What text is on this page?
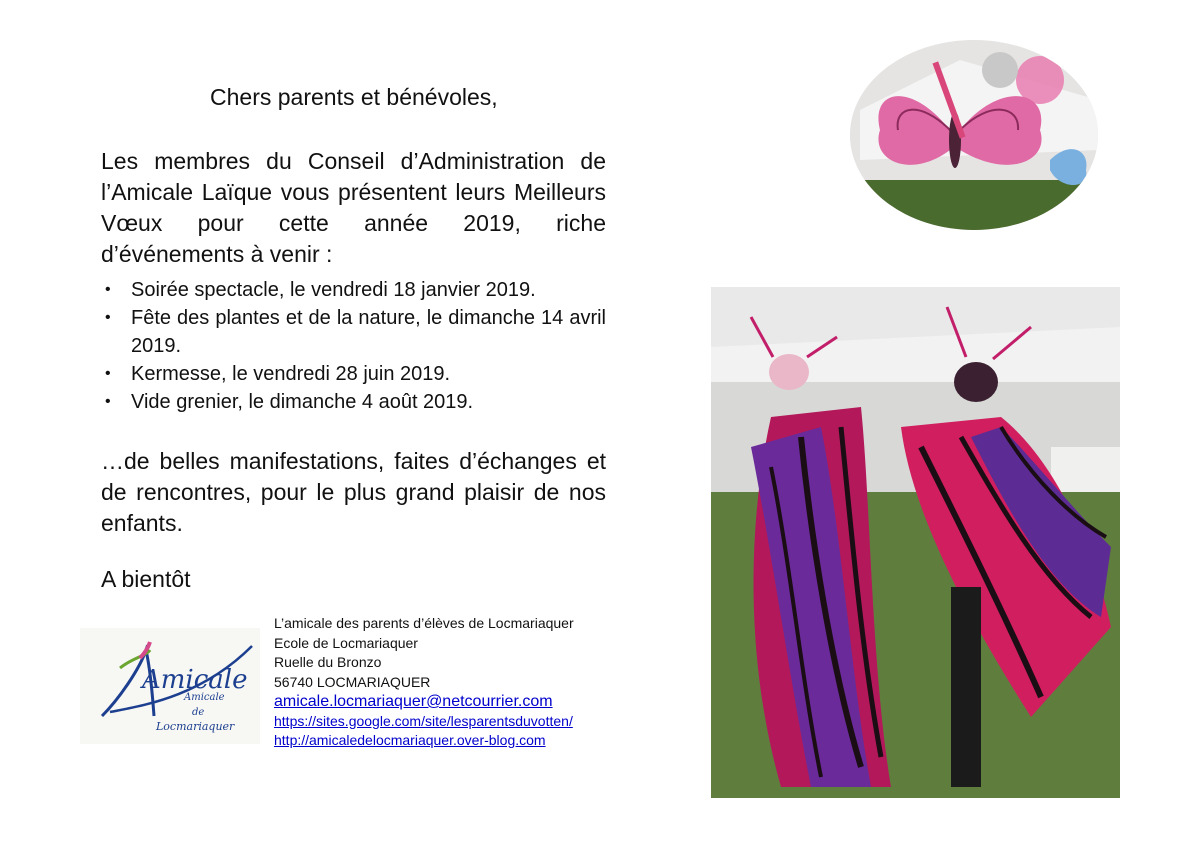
Chers parents et bénévoles,

Les membres du Conseil d’Administration de l’Amicale Laïque vous présentent leurs Meilleurs Vœux pour cette année 2019, riche d’événements à venir :

• Soirée spectacle, le vendredi 18 janvier 2019.
• Fête des plantes et de la nature, le dimanche 14 avril 2019.
• Kermesse, le vendredi 28 juin 2019.
• Vide grenier, le dimanche 4 août 2019.

…de belles manifestations, faites d’échanges et de rencontres, pour le plus grand plaisir de nos enfants.

A bientôt
Amicale
Amicale
de
Locmariaquer
L’amicale des parents d’élèves de Locmariaquer
Ecole de Locmariaquer
Ruelle du Bronzo
56740 LOCMARIAQUER
amicale.locmariaquer@netcourrier.com
https://sites.google.com/site/lesparentsduvotten/
http://amicaledelocmariaquer.over-blog.com
